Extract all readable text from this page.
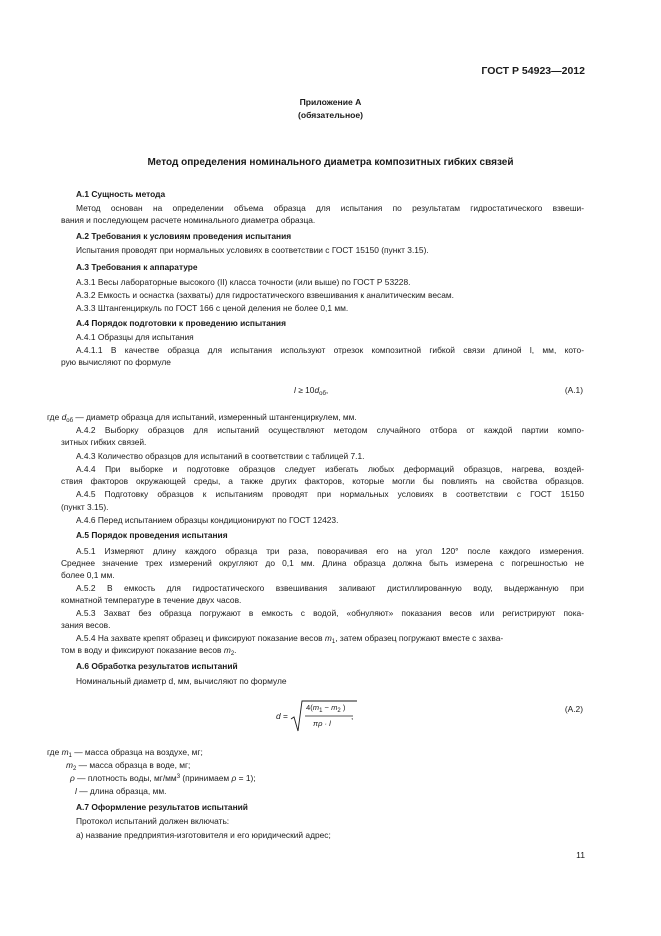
ГОСТ Р 54923—2012
Приложение А
(обязательное)
Метод определения номинального диаметра композитных гибких связей
А.1 Сущность метода
Метод основан на определении объема образца для испытания по результатам гидростатического взвеши-
вания и последующем расчете номинального диаметра образца.
А.2 Требования к условиям проведения испытания
Испытания проводят при нормальных условиях в соответствии с ГОСТ 15150 (пункт 3.15).
А.3 Требования к аппаратуре
А.3.1 Весы лабораторные высокого (II) класса точности (или выше) по ГОСТ Р 53228.
А.3.2 Емкость и оснастка (захваты) для гидростатического взвешивания к аналитическим весам.
А.3.3 Штангенциркуль по ГОСТ 166 с ценой деления не более 0,1 мм.
А.4 Порядок подготовки к проведению испытания
А.4.1 Образцы для испытания
А.4.1.1 В качестве образца для испытания используют отрезок композитной гибкой связи длиной l, мм, кото-
рую вычисляют по формуле
$l \ge 10d_{об}$,	(А.1)
где $d_{об}$ — диаметр образца для испытаний, измеренный штангенциркулем, мм.
А.4.2 Выборку образцов для испытаний осуществляют методом случайного отбора от каждой партии компо-
зитных гибких связей.
А.4.3 Количество образцов для испытаний в соответствии с таблицей 7.1.
А.4.4 При выборке и подготовке образцов следует избегать любых деформаций образцов, нагрева, воздей-
ствия факторов окружающей среды, а также других факторов, которые могли бы повлиять на свойства образцов.
А.4.5 Подготовку образцов к испытаниям проводят при нормальных условиях в соответствии с ГОСТ 15150
(пункт 3.15).
А.4.6 Перед испытанием образцы кондиционируют по ГОСТ 12423.
А.5 Порядок проведения испытания
А.5.1 Измеряют длину каждого образца три раза, поворачивая его на угол 120° после каждого измерения.
Среднее значение трех измерений округляют до 0,1 мм. Длина образца должна быть измерена с погрешностью не
более 0,1 мм.
А.5.2 В емкость для гидростатического взвешивания заливают дистиллированную воду, выдержанную при
комнатной температуре в течение двух часов.
А.5.3 Захват без образца погружают в емкость с водой, «обнуляют» показания весов или регистрируют пока-
зания весов.
А.5.4 На захвате крепят образец и фиксируют показание весов $m_1$, затем образец погружают вместе с захва-
том в воду и фиксируют показание весов $m_2$.
А.6 Обработка результатов испытаний
Номинальный диаметр d, мм, вычисляют по формуле
d =
$4(m_1 - m_2$ )
πρ · l
,
(А.2)
где $m_1$ — масса образца на воздухе, мг;
$m_2$ — масса образца в воде, мг;
ρ — плотность воды, $мг/мм^3$ (принимаем ρ = 1);
l — длина образца, мм.
А.7 Оформление результатов испытаний
Протокол испытаний должен включать:
а) название предприятия-изготовителя и его юридический адрес;
11
